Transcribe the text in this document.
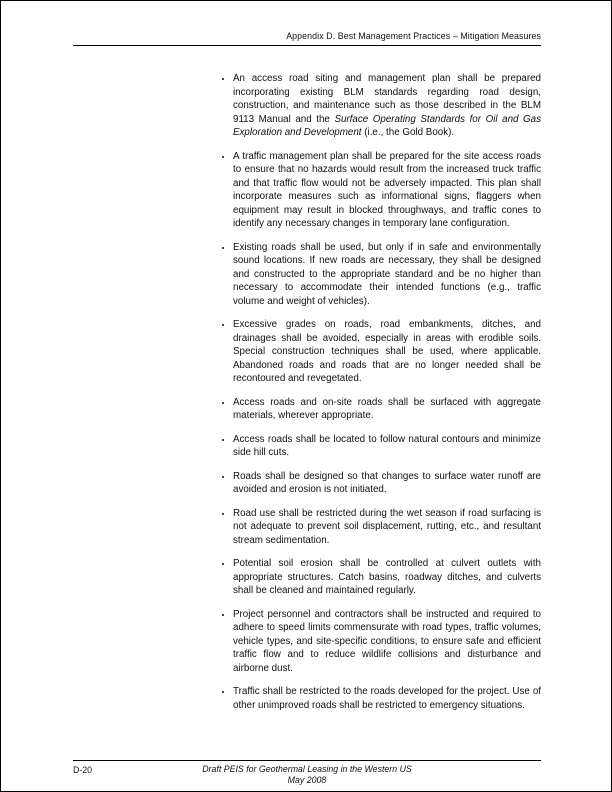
Appendix D. Best Management Practices – Mitigation Measures
• An access road siting and management plan shall be prepared incorporating existing BLM standards regarding road design, construction, and maintenance such as those described in the BLM 9113 Manual and the Surface Operating Standards for Oil and Gas Exploration and Development (i.e., the Gold Book).
• A traffic management plan shall be prepared for the site access roads to ensure that no hazards would result from the increased truck traffic and that traffic flow would not be adversely impacted. This plan shall incorporate measures such as informational signs, flaggers when equipment may result in blocked throughways, and traffic cones to identify any necessary changes in temporary lane configuration.
• Existing roads shall be used, but only if in safe and environmentally sound locations. If new roads are necessary, they shall be designed and constructed to the appropriate standard and be no higher than necessary to accommodate their intended functions (e.g., traffic volume and weight of vehicles).
• Excessive grades on roads, road embankments, ditches, and drainages shall be avoided, especially in areas with erodible soils. Special construction techniques shall be used, where applicable. Abandoned roads and roads that are no longer needed shall be recontoured and revegetated.
• Access roads and on-site roads shall be surfaced with aggregate materials, wherever appropriate.
• Access roads shall be located to follow natural contours and minimize side hill cuts.
• Roads shall be designed so that changes to surface water runoff are avoided and erosion is not initiated.
• Road use shall be restricted during the wet season if road surfacing is not adequate to prevent soil displacement, rutting, etc., and resultant stream sedimentation.
• Potential soil erosion shall be controlled at culvert outlets with appropriate structures. Catch basins, roadway ditches, and culverts shall be cleaned and maintained regularly.
• Project personnel and contractors shall be instructed and required to adhere to speed limits commensurate with road types, traffic volumes, vehicle types, and site-specific conditions, to ensure safe and efficient traffic flow and to reduce wildlife collisions and disturbance and airborne dust.
• Traffic shall be restricted to the roads developed for the project. Use of other unimproved roads shall be restricted to emergency situations.
D-20	Draft PEIS for Geothermal Leasing in the Western US
May 2008
